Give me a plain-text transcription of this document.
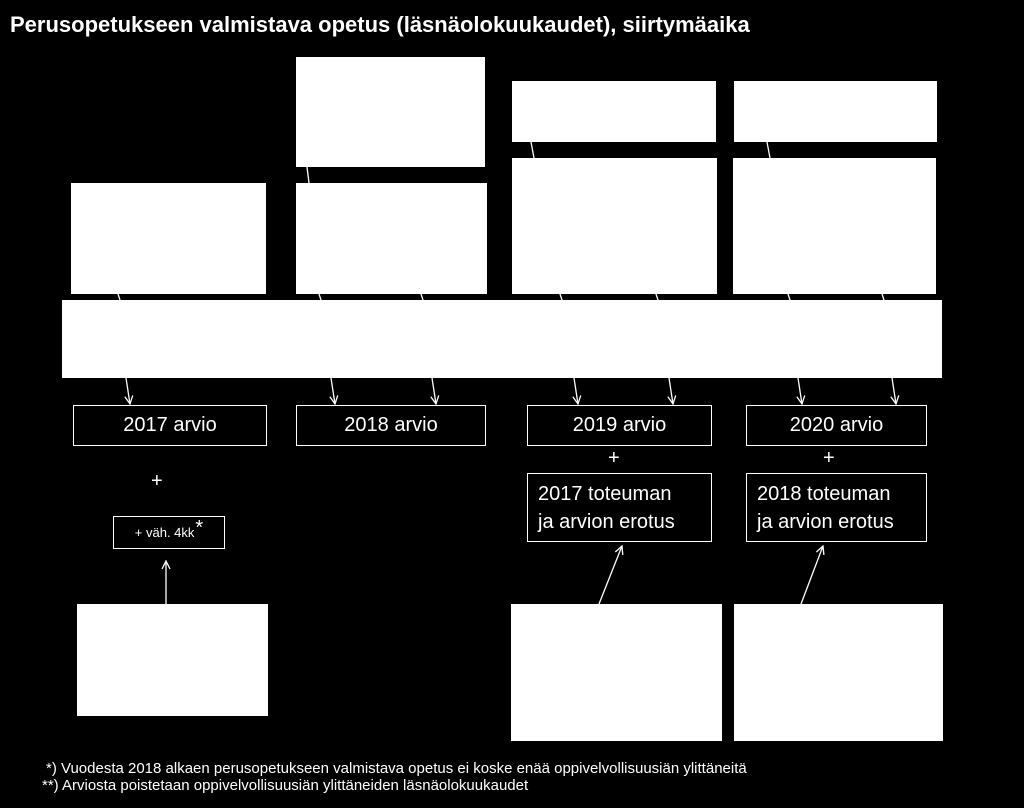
Perusopetukseen valmistava opetus (läsnäolokuukaudet), siirtymäaika
2017 arvio	2018 arvio	2019 arvio	2020 arvio
+
+	+
+ väh. 4kk *
2017 toteuman
ja arvion erotus
2018 toteuman
ja arvion erotus
*) Vuodesta 2018 alkaen perusopetukseen valmistava opetus ei koske enää oppivelvollisuusiän ylittäneitä
**) Arviosta poistetaan oppivelvollisuusiän ylittäneiden läsnäolokuukaudet
